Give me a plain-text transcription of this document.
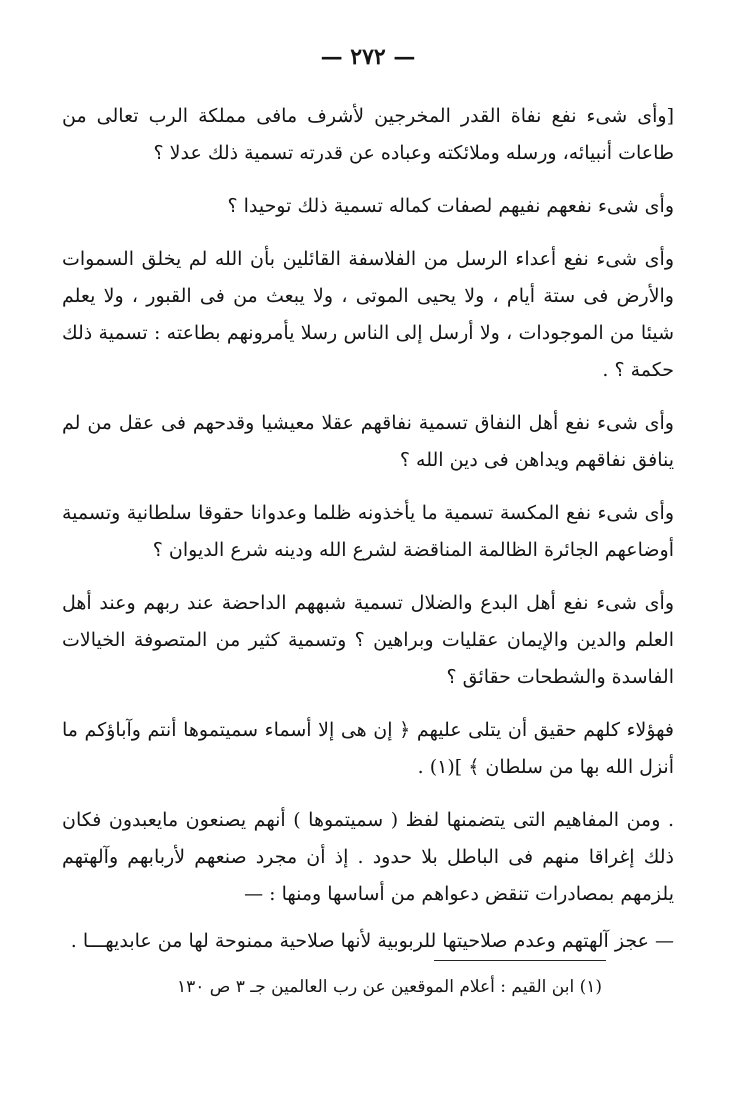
— ٢٧٢ —

[وأى شىء نفع نفاة القدر المخرجين لأشرف مافى مملكة الرب تعالى من طاعات أنبيائه، ورسله وملائكته وعباده عن قدرته تسمية ذلك عدلا ؟

وأى شىء نفعهم نفيهم لصفات كماله تسمية ذلك توحيدا ؟

وأى شىء نفع أعداء الرسل من الفلاسفة القائلين بأن الله لم يخلق السموات والأرض فى ستة أيام ، ولا يحيى الموتى ، ولا يبعث من فى القبور ، ولا يعلم شيئا من الموجودات ، ولا أرسل إلى الناس رسلا يأمرونهم بطاعته : تسمية ذلك حكمة ؟ .

وأى شىء نفع أهل النفاق تسمية نفاقهم عقلا معيشيا وقدحهم فى عقل من لم ينافق نفاقهم ويداهن فى دين الله ؟

وأى شىء نفع المكسة تسمية ما يأخذونه ظلما وعدوانا حقوقا سلطانية وتسمية أوضاعهم الجائرة الظالمة المناقضة لشرع الله ودينه شرع الديوان ؟

وأى شىء نفع أهل البدع والضلال تسمية شبههم الداحضة عند ربهم وعند أهل العلم والدين والإيمان عقليات وبراهين ؟ وتسمية كثير من المتصوفة الخيالات الفاسدة والشطحات حقائق ؟

فهؤلاء كلهم حقيق أن يتلى عليهم ﴿ إن هى إلا أسماء سميتموها أنتم وآباؤكم ما أنزل الله بها من سلطان ﴾ ](١) .

. ومن المفاهيم التى يتضمنها لفظ ( سميتموها ) أنهم يصنعون مايعبدون فكان ذلك إغراقا منهم فى الباطل بلا حدود . إذ أن مجرد صنعهم لأربابهم وآلهتهم يلزمهم بمصادرات تنقض دعواهم من أساسها ومنها : —

— عجز آلهتهم وعدم صلاحيتها للربوبية لأنها صلاحية ممنوحة لها من عابديهـــا .

(١) ابن القيم : أعلام الموقعين عن رب العالمين جـ ٣ ص ١٣٠
